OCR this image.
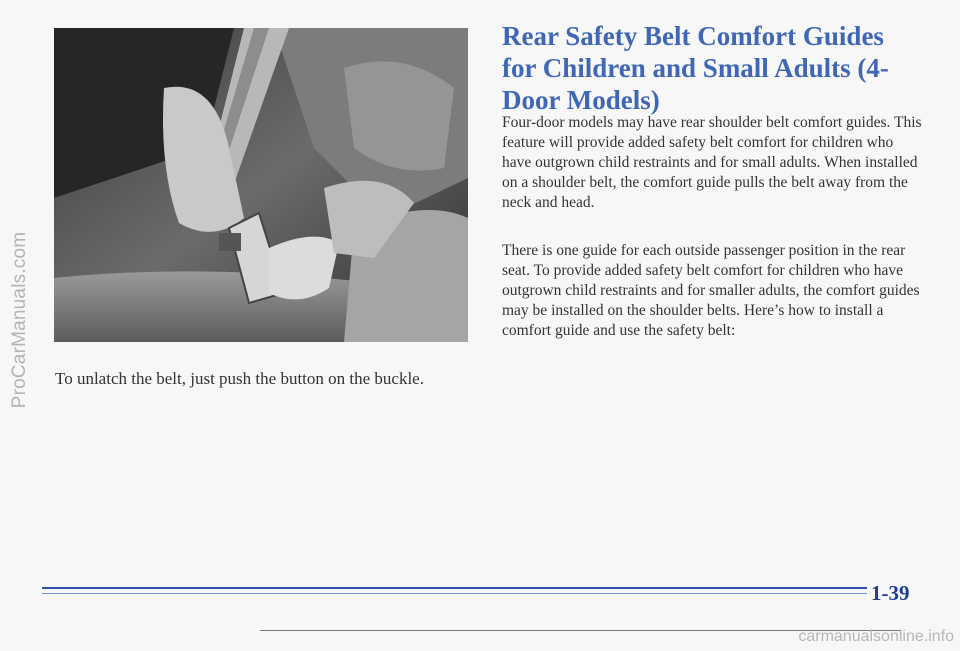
ProCarManuals.com To unlatch the belt, just push the button on the buckle.
Rear Safety Belt Comfort Guides for Children and Small Adults (4-Door Models)

Four-door models may have rear shoulder belt comfort guides. This feature will provide added safety belt comfort for children who have outgrown child restraints and for small adults. When installed on a shoulder belt, the comfort guide pulls the belt away from the neck and head.

There is one guide for each outside passenger position in the rear seat. To provide added safety belt comfort for children who have outgrown child restraints and for smaller adults, the comfort guides may be installed on the shoulder belts. Here’s how to install a comfort guide and use the safety belt:

1-39
carmanualsonline.info
